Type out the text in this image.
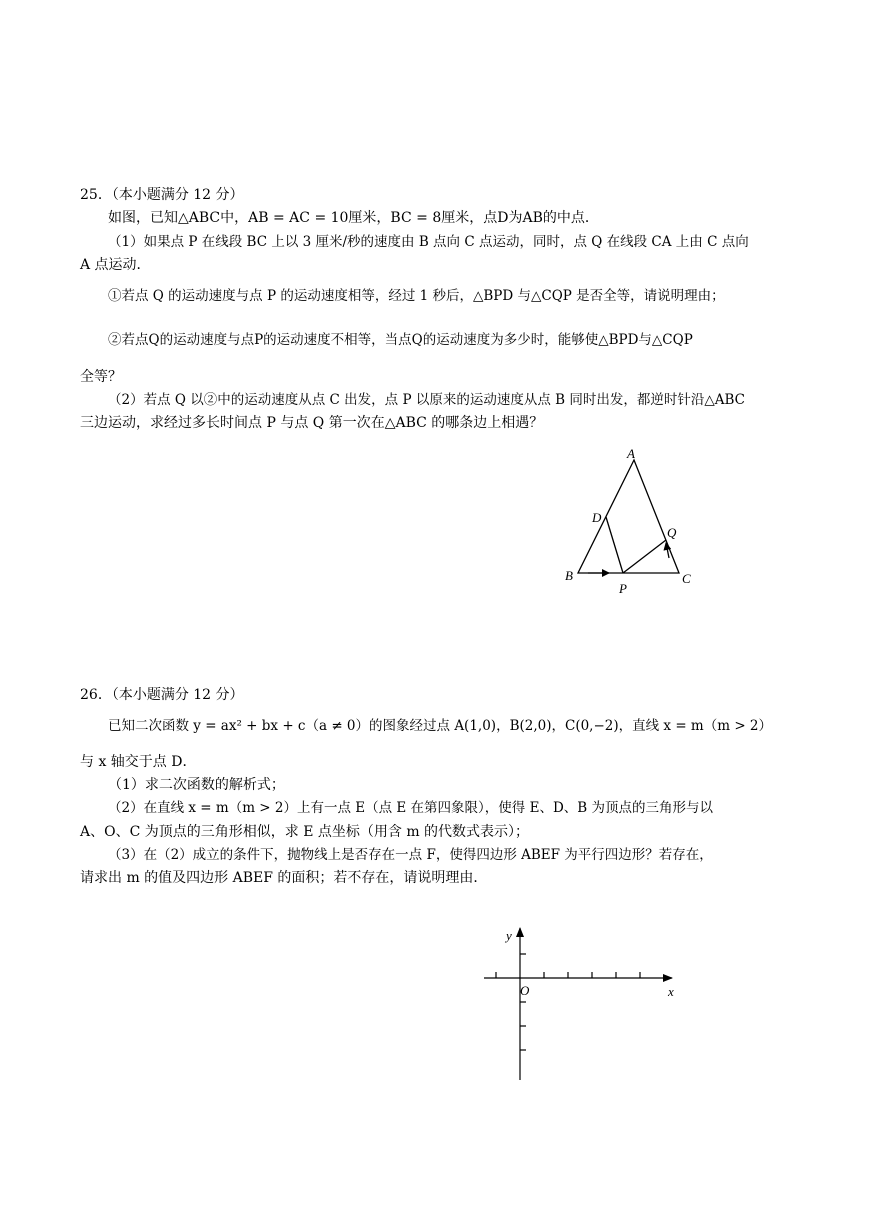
25．（本小题满分 12 分）
如图，已知△ABC中，AB = AC = 10厘米，BC = 8厘米，点D为AB的中点．
（1）如果点 P 在线段 BC 上以 3 厘米/秒的速度由 B 点向 C 点运动，同时，点 Q 在线段 CA 上由 C 点向
A 点运动．
①若点 Q 的运动速度与点 P 的运动速度相等，经过 1 秒后，△BPD 与△CQP 是否全等，请说明理由；
②若点Q的运动速度与点P的运动速度不相等，当点Q的运动速度为多少时，能够使△BPD与△CQP
全等？
（2）若点 Q 以②中的运动速度从点 C 出发，点 P 以原来的运动速度从点 B 同时出发，都逆时针沿△ABC
三边运动，求经过多长时间点 P 与点 Q 第一次在△ABC 的哪条边上相遇？
A
B	C
D
P
Q
26．（本小题满分 12 分）
已知二次函数 y = ax² + bx + c（a ≠ 0）的图象经过点 A(1,0)，B(2,0)，C(0,−2)，直线 x = m（m > 2）
与 x 轴交于点 D．
（1）求二次函数的解析式；
（2）在直线 x = m（m > 2）上有一点 E（点 E 在第四象限），使得 E、D、B 为顶点的三角形与以
A、O、C 为顶点的三角形相似，求 E 点坐标（用含 m 的代数式表示）；
（3）在（2）成立的条件下，抛物线上是否存在一点 F，使得四边形 ABEF 为平行四边形？若存在，
请求出 m 的值及四边形 ABEF 的面积；若不存在，请说明理由．
x
y
O
